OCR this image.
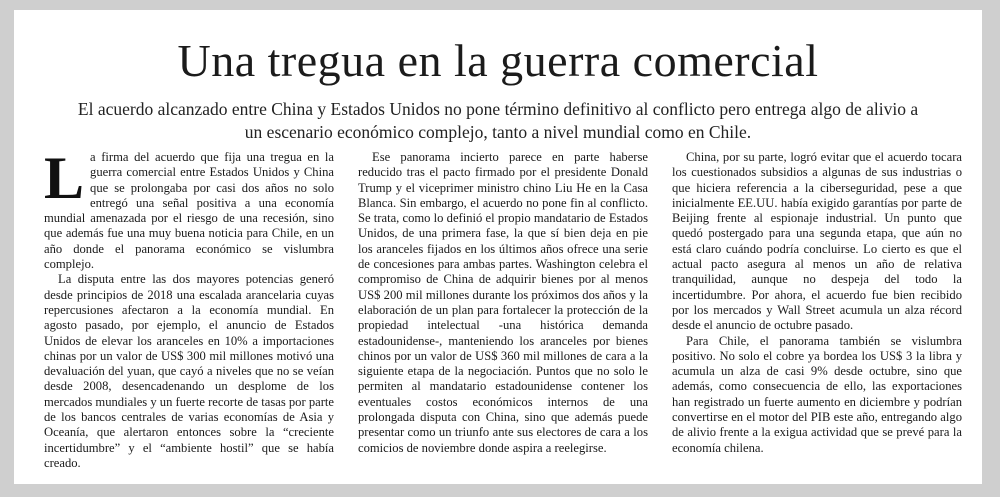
Una tregua en la guerra comercial

El acuerdo alcanzado entre China y Estados Unidos no pone término definitivo al conflicto pero entrega algo de alivio a un escenario económico complejo, tanto a nivel mundial como en Chile.

La firma del acuerdo que fija una tregua en la guerra comercial entre Estados Unidos y China que se prolongaba por casi dos años no solo entregó una señal positiva a una economía mundial amenazada por el riesgo de una recesión, sino que además fue una muy buena noticia para Chile, en un año donde el panorama económico se vislumbra complejo.

La disputa entre las dos mayores potencias generó desde principios de 2018 una escalada arancelaria cuyas repercusiones afectaron a la economía mundial. En agosto pasado, por ejemplo, el anuncio de Estados Unidos de elevar los aranceles en 10% a importaciones chinas por un valor de US$ 300 mil millones motivó una devaluación del yuan, que cayó a niveles que no se veían desde 2008, desencadenando un desplome de los mercados mundiales y un fuerte recorte de tasas por parte de los bancos centrales de varias economías de Asia y Oceanía, que alertaron entonces sobre la “creciente incertidumbre” y el “ambiente hostil” que se había creado.

Ese panorama incierto parece en parte haberse reducido tras el pacto firmado por el presidente Donald Trump y el viceprimer ministro chino Liu He en la Casa Blanca. Sin embargo, el acuerdo no pone fin al conflicto. Se trata, como lo definió el propio mandatario de Estados Unidos, de una primera fase, la que sí bien deja en pie los aranceles fijados en los últimos años ofrece una serie de concesiones para ambas partes. Washington celebra el compromiso de China de adquirir bienes por al menos US$ 200 mil millones durante los próximos dos años y la elaboración de un plan para fortalecer la protección de la propiedad intelectual -una histórica demanda estadounidense-, manteniendo los aranceles por bienes chinos por un valor de US$ 360 mil millones de cara a la siguiente etapa de la negociación. Puntos que no solo le permiten al mandatario estadounidense contener los eventuales costos económicos internos de una prolongada disputa con China, sino que además puede presentar como un triunfo ante sus electores de cara a los comicios de noviembre donde aspira a reelegirse.

China, por su parte, logró evitar que el acuerdo tocara los cuestionados subsidios a algunas de sus industrias o que hiciera referencia a la ciberseguridad, pese a que inicialmente EE.UU. había exigido garantías por parte de Beijing frente al espionaje industrial. Un punto que quedó postergado para una segunda etapa, que aún no está claro cuándo podría concluirse. Lo cierto es que el actual pacto asegura al menos un año de relativa tranquilidad, aunque no despeja del todo la incertidumbre. Por ahora, el acuerdo fue bien recibido por los mercados y Wall Street acumula un alza récord desde el anuncio de octubre pasado.

Para Chile, el panorama también se vislumbra positivo. No solo el cobre ya bordea los US$ 3 la libra y acumula un alza de casi 9% desde octubre, sino que además, como consecuencia de ello, las exportaciones han registrado un fuerte aumento en diciembre y podrían convertirse en el motor del PIB este año, entregando algo de alivio frente a la exigua actividad que se prevé para la economía chilena.
